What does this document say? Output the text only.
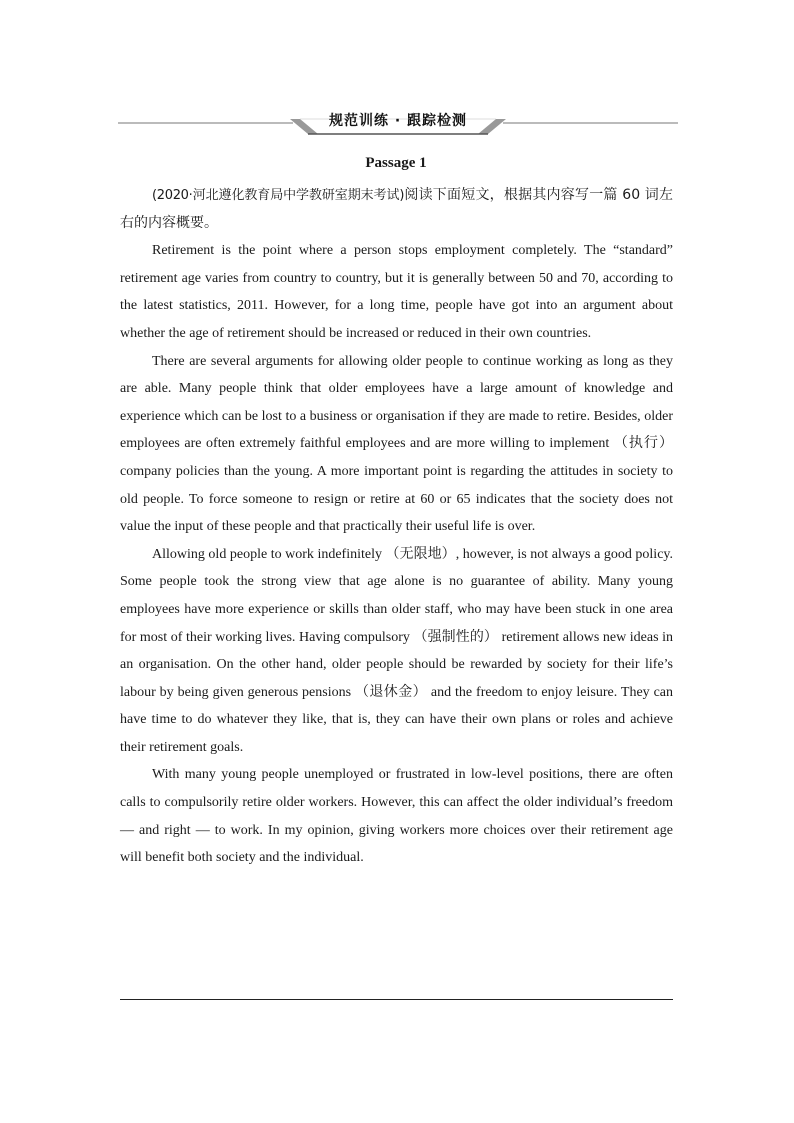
规范训练 · 跟踪检测
Passage 1

(2020·河北遵化教育局中学教研室期末考试)阅读下面短文，根据其内容写一篇 60 词左右的内容概要。

Retirement is the point where a person stops employment completely. The “standard” retirement age varies from country to country, but it is generally between 50 and 70, according to the latest statistics, 2011. However, for a long time, people have got into an argument about whether the age of retirement should be increased or reduced in their own countries.

There are several arguments for allowing older people to continue working as long as they are able. Many people think that older employees have a large amount of knowledge and experience which can be lost to a business or organisation if they are made to retire. Besides, older employees are often extremely faithful employees and are more willing to implement （执行） company policies than the young. A more important point is regarding the attitudes in society to old people. To force someone to resign or retire at 60 or 65 indicates that the society does not value the input of these people and that practically their useful life is over.

Allowing old people to work indefinitely （无限地）, however, is not always a good policy. Some people took the strong view that age alone is no guarantee of ability. Many young employees have more experience or skills than older staff, who may have been stuck in one area for most of their working lives. Having compulsory （强制性的） retirement allows new ideas in an organisation. On the other hand, older people should be rewarded by society for their life’s labour by being given generous pensions （退休金） and the freedom to enjoy leisure. They can have time to do whatever they like, that is, they can have their own plans or roles and achieve their retirement goals.

With many young people unemployed or frustrated in low-level positions, there are often calls to compulsorily retire older workers. However, this can affect the older individual’s freedom — and right — to work. In my opinion, giving workers more choices over their retirement age will benefit both society and the individual.
